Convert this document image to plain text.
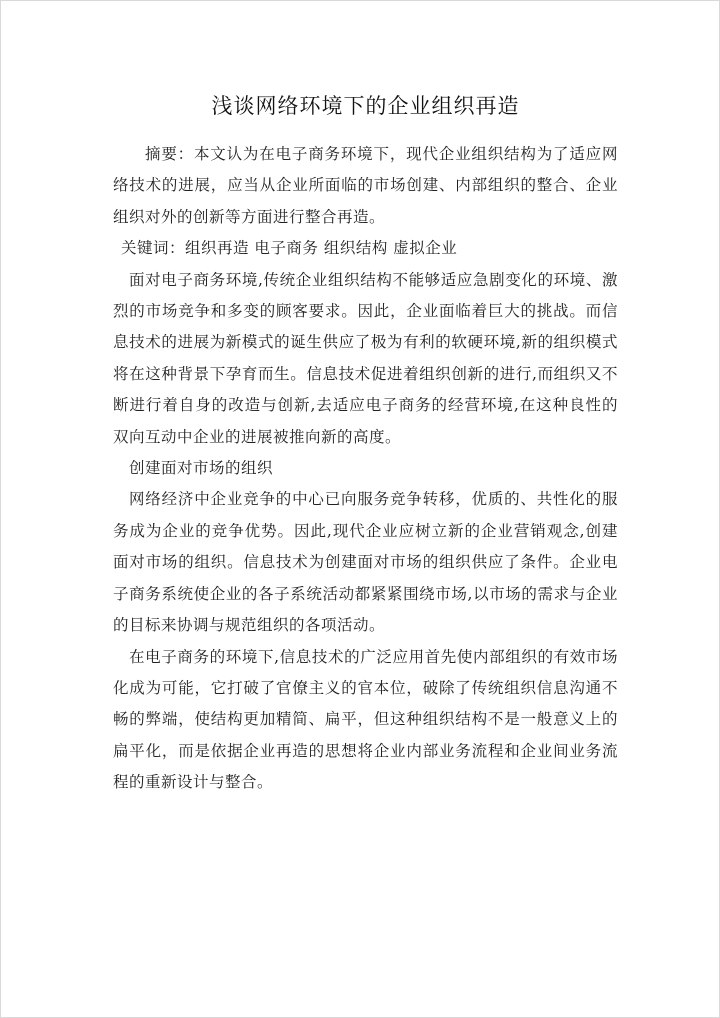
浅谈网络环境下的企业组织再造

摘要：本文认为在电子商务环境下，现代企业组织结构为了适应网络技术的进展，应当从企业所面临的市场创建、内部组织的整合、企业组织对外的创新等方面进行整合再造。

关键词：组织再造 电子商务 组织结构 虚拟企业

面对电子商务环境,传统企业组织结构不能够适应急剧变化的环境、激烈的市场竞争和多变的顾客要求。因此，企业面临着巨大的挑战。而信息技术的进展为新模式的诞生供应了极为有利的软硬环境,新的组织模式将在这种背景下孕育而生。信息技术促进着组织创新的进行,而组织又不断进行着自身的改造与创新,去适应电子商务的经营环境,在这种良性的双向互动中企业的进展被推向新的高度。

创建面对市场的组织

网络经济中企业竞争的中心已向服务竞争转移，优质的、共性化的服务成为企业的竞争优势。因此,现代企业应树立新的企业营销观念,创建面对市场的组织。信息技术为创建面对市场的组织供应了条件。企业电子商务系统使企业的各子系统活动都紧紧围绕市场,以市场的需求与企业的目标来协调与规范组织的各项活动。

在电子商务的环境下,信息技术的广泛应用首先使内部组织的有效市场化成为可能，它打破了官僚主义的官本位，破除了传统组织信息沟通不畅的弊端，使结构更加精简、扁平，但这种组织结构不是一般意义上的扁平化，而是依据企业再造的思想将企业内部业务流程和企业间业务流程的重新设计与整合。
